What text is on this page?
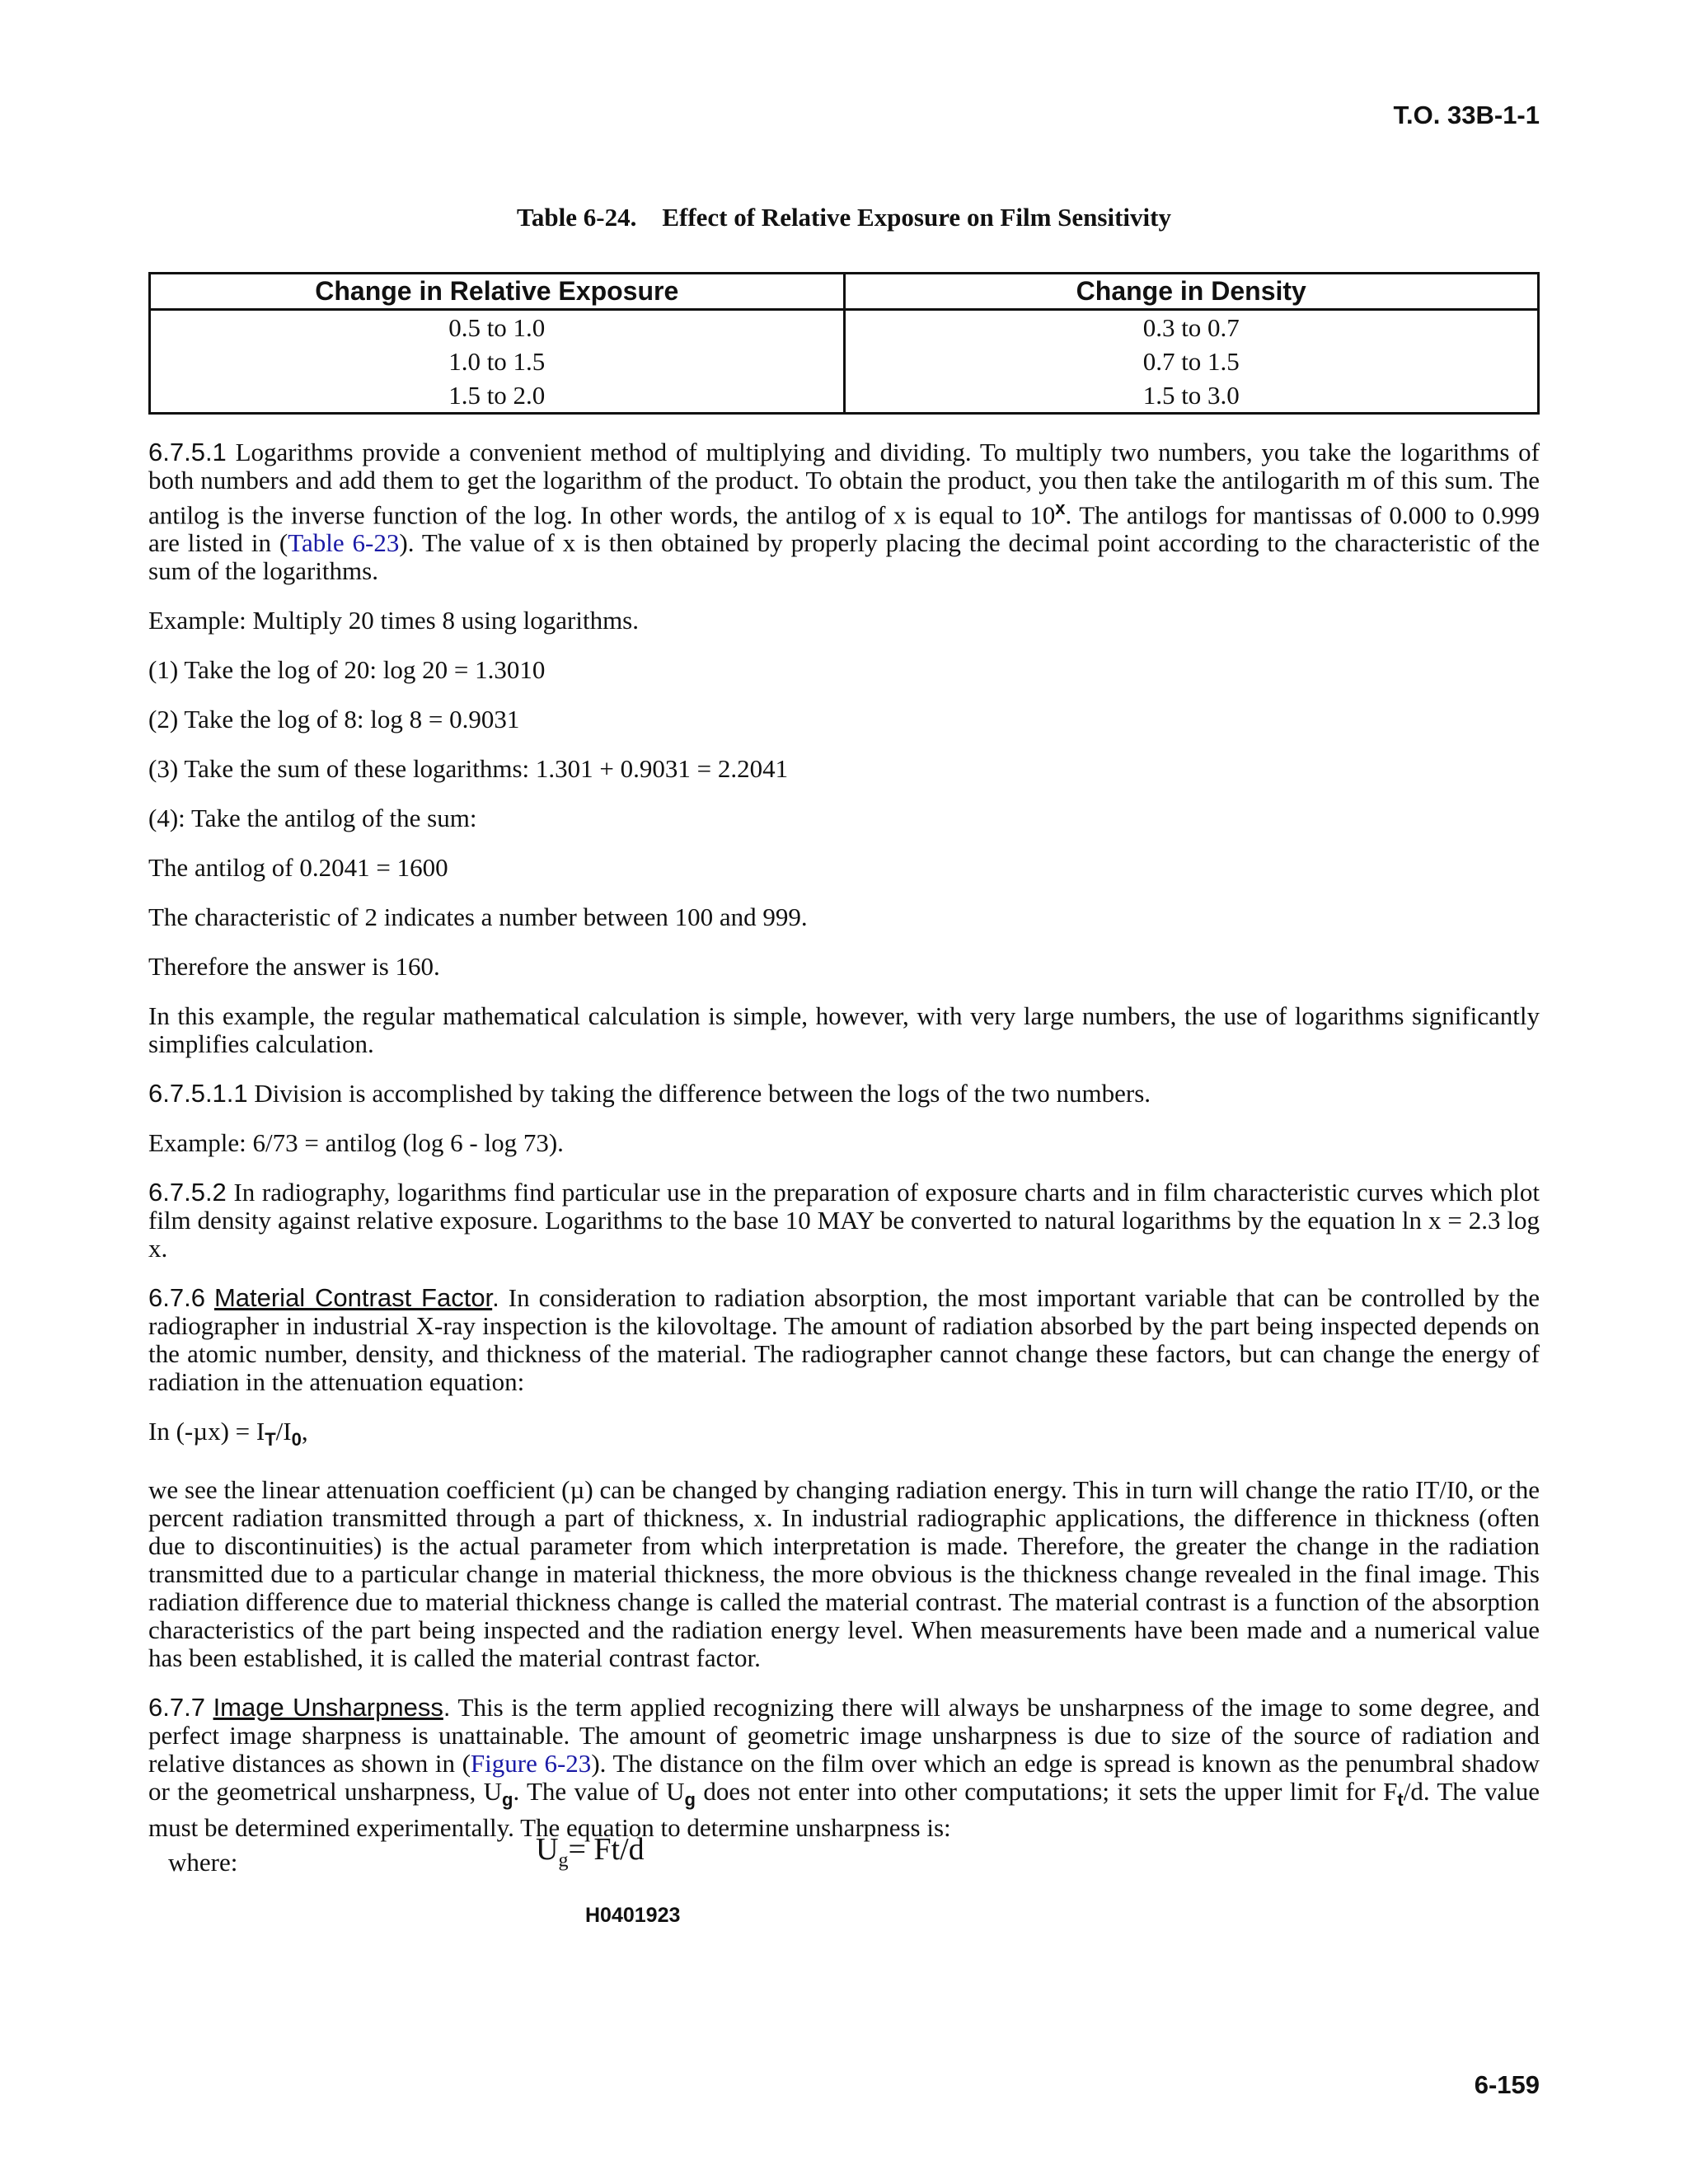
T.O. 33B-1-1
Table 6-24.    Effect of Relative Exposure on Film Sensitivity
Change in Relative Exposure	Change in Density
0.5 to 1.0	0.3 to 0.7
1.0 to 1.5	0.7 to 1.5
1.5 to 2.0	1.5 to 3.0

6.7.5.1 Logarithms provide a convenient method of multiplying and dividing. To multiply two numbers, you take the logarithms of both numbers and add them to get the logarithm of the product. To obtain the product, you then take the antilogarith m of this sum. The antilog is the inverse function of the log. In other words, the antilog of x is equal to 10$^x$. The antilogs for mantissas of 0.000 to 0.999 are listed in (Table 6-23). The value of x is then obtained by properly placing the decimal point according to the characteristic of the sum of the logarithms.

Example: Multiply 20 times 8 using logarithms.

(1) Take the log of 20: log 20 = 1.3010

(2) Take the log of 8: log 8 = 0.9031

(3) Take the sum of these logarithms: 1.301 + 0.9031 = 2.2041

(4): Take the antilog of the sum:

The antilog of 0.2041 = 1600

The characteristic of 2 indicates a number between 100 and 999.

Therefore the answer is 160.

In this example, the regular mathematical calculation is simple, however, with very large numbers, the use of logarithms significantly simplifies calculation.

6.7.5.1.1 Division is accomplished by taking the difference between the logs of the two numbers.

Example: 6/73 = antilog (log 6 - log 73).

6.7.5.2 In radiography, logarithms find particular use in the preparation of exposure charts and in film characteristic curves which plot film density against relative exposure. Logarithms to the base 10 MAY be converted to natural logarithms by the equation ln x = 2.3 log x.

6.7.6 Material Contrast Factor. In consideration to radiation absorption, the most important variable that can be controlled by the radiographer in industrial X-ray inspection is the kilovoltage. The amount of radiation absorbed by the part being inspected depends on the atomic number, density, and thickness of the material. The radiographer cannot change these factors, but can change the energy of radiation in the attenuation equation:

In $(-\mu x) = I_T/I_0$,

we see the linear attenuation coefficient (µ) can be changed by changing radiation energy. This in turn will change the ratio IT/I0, or the percent radiation transmitted through a part of thickness, x. In industrial radiographic applications, the difference in thickness (often due to discontinuities) is the actual parameter from which interpretation is made. Therefore, the greater the change in the radiation transmitted due to a particular change in material thickness, the more obvious is the thickness change revealed in the final image. This radiation difference due to material thickness change is called the material contrast. The material contrast is a function of the absorption characteristics of the part being inspected and the radiation energy level. When measurements have been made and a numerical value has been established, it is called the material contrast factor.

6.7.7 Image Unsharpness. This is the term applied recognizing there will always be unsharpness of the image to some degree, and perfect image sharpness is unattainable. The amount of geometric image unsharpness is due to size of the source of radiation and relative distances as shown in (Figure 6-23). The distance on the film over which an edge is spread is known as the penumbral shadow or the geometrical unsharpness, $U_g$. The value of $U_g$ does not enter into other computations; it sets the upper limit for $F_t/d$. The value must be determined experimentally. The equation to determine unsharpness is:

where:	$U_g= Ft/d$
H0401923
6-159
